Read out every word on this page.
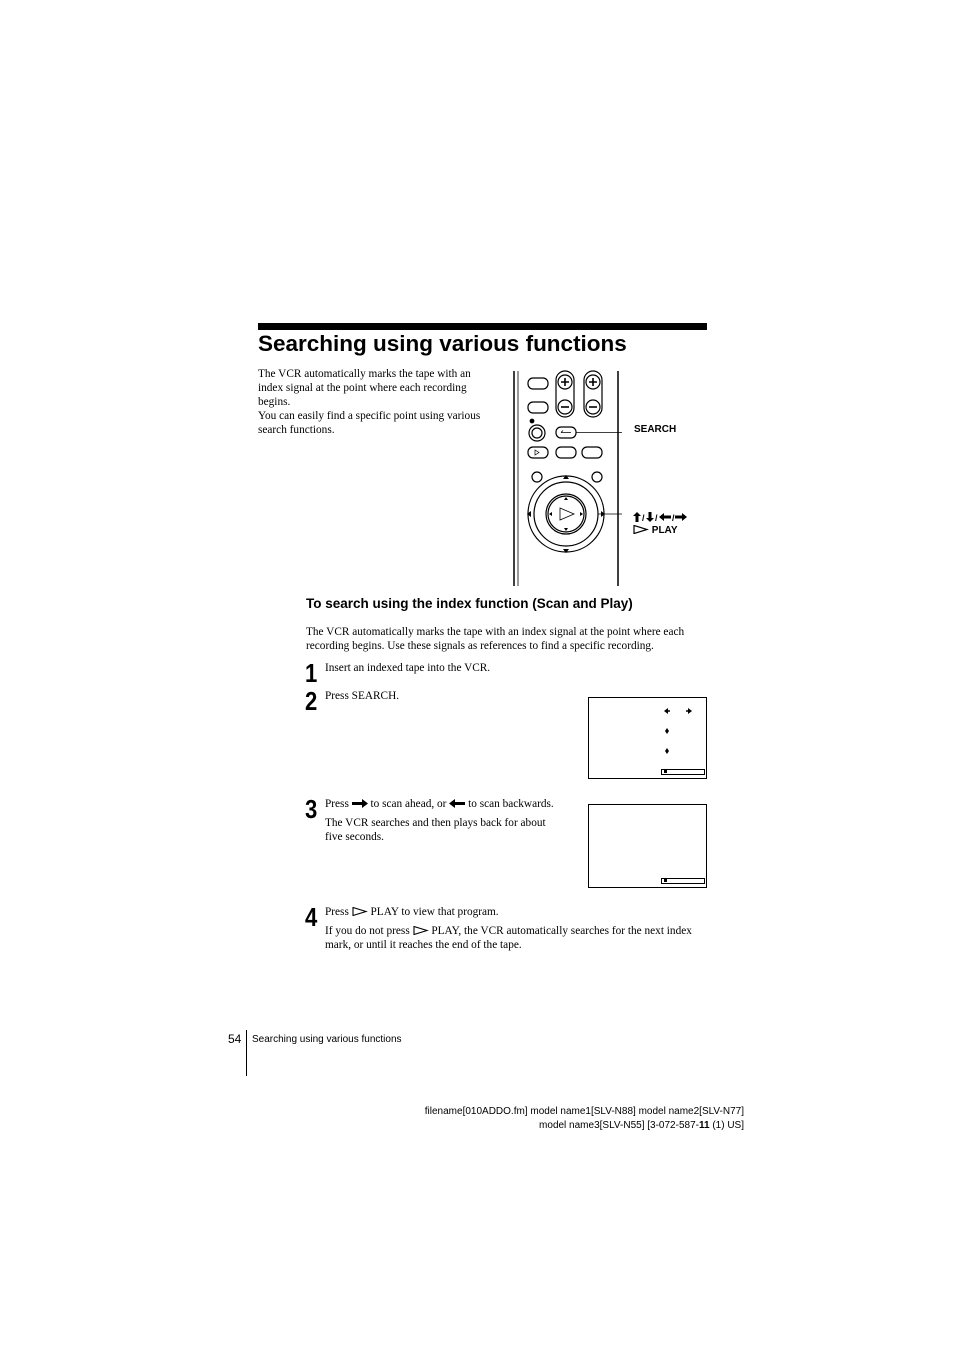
Searching using various functions

The VCR automatically marks the tape with an index signal at the point where each recording begins.

You can easily find a specific point using various search functions.	SEARCH
/ / /
PLAY
To search using the index function (Scan and Play)
The VCR automatically marks the tape with an index signal at the point where each recording begins. Use these signals as references to find a specific recording.
1 Insert an indexed tape into the VCR.
2 Press SEARCH.
3 Press to scan ahead, or to scan backwards.
The VCR searches and then plays back for about five seconds.
4 Press PLAY to view that program.
If you do not press PLAY, the VCR automatically searches for the next index mark, or until it reaches the end of the tape.
54 Searching using various functions
filename[010ADDO.fm] model name1[SLV-N88] model name2[SLV-N77]
model name3[SLV-N55] [3-072-587-11 (1) US]
